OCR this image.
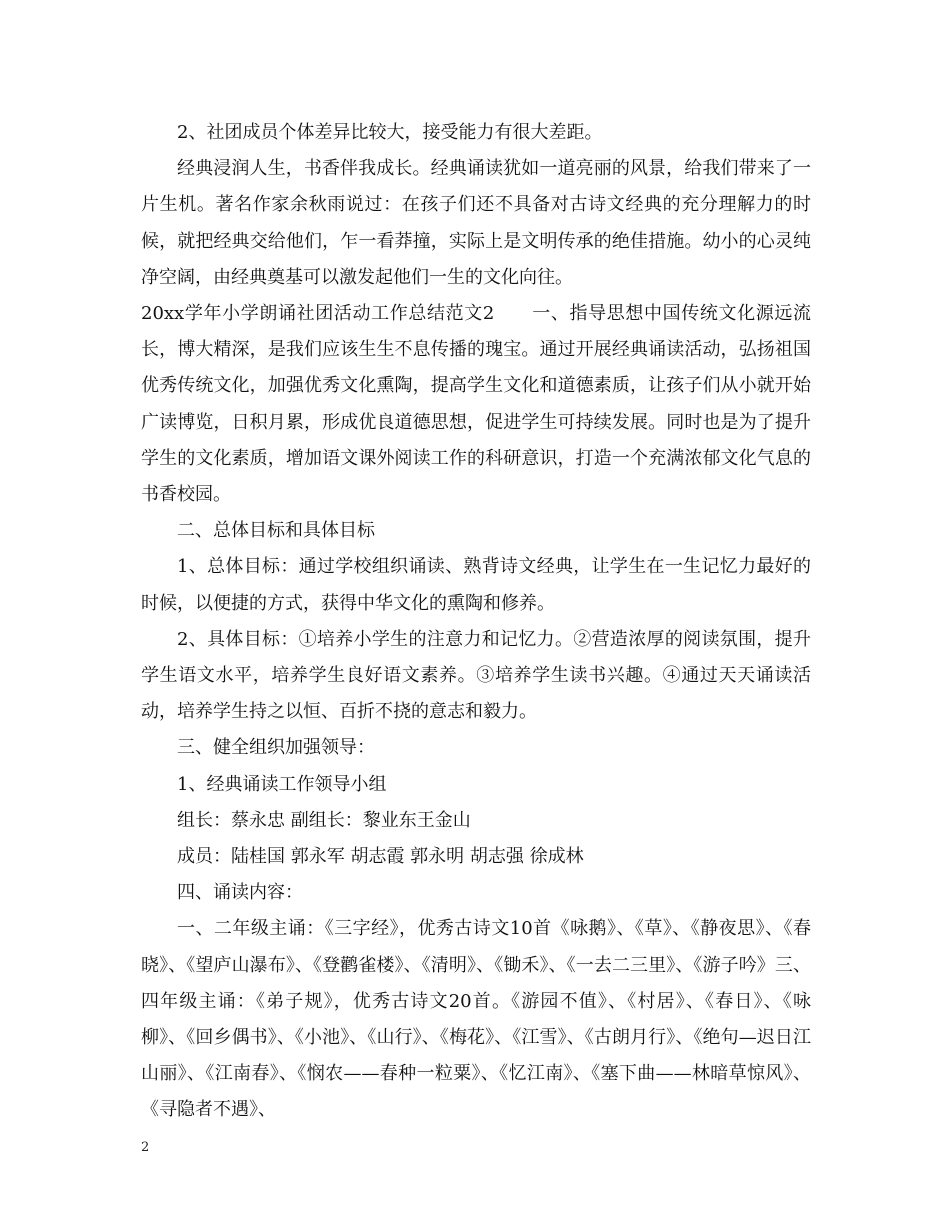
2、社团成员个体差异比较大，接受能力有很大差距。

经典浸润人生，书香伴我成长。经典诵读犹如一道亮丽的风景，给我们带来了一片生机。著名作家余秋雨说过：在孩子们还不具备对古诗文经典的充分理解力的时候，就把经典交给他们，乍一看莽撞，实际上是文明传承的绝佳措施。幼小的心灵纯净空阔，由经典奠基可以激发起他们一生的文化向往。

20xx学年小学朗诵社团活动工作总结范文2　　一、指导思想中国传统文化源远流长，博大精深，是我们应该生生不息传播的瑰宝。通过开展经典诵读活动，弘扬祖国优秀传统文化，加强优秀文化熏陶，提高学生文化和道德素质，让孩子们从小就开始广读博览，日积月累，形成优良道德思想，促进学生可持续发展。同时也是为了提升学生的文化素质，增加语文课外阅读工作的科研意识，打造一个充满浓郁文化气息的书香校园。

二、总体目标和具体目标

1、总体目标：通过学校组织诵读、熟背诗文经典，让学生在一生记忆力最好的时候，以便捷的方式，获得中华文化的熏陶和修养。

2、具体目标：①培养小学生的注意力和记忆力。②营造浓厚的阅读氛围，提升学生语文水平，培养学生良好语文素养。③培养学生读书兴趣。④通过天天诵读活动，培养学生持之以恒、百折不挠的意志和毅力。

三、健全组织加强领导：

1、经典诵读工作领导小组

组长：蔡永忠 副组长：黎业东王金山

成员：陆桂国 郭永军 胡志霞 郭永明 胡志强 徐成林

四、诵读内容：

一、二年级主诵：《三字经》，优秀古诗文10首《咏鹅》、《草》、《静夜思》、《春晓》、《望庐山瀑布》、《登鹳雀楼》、《清明》、《锄禾》、《一去二三里》、《游子吟》三、四年级主诵：《弟子规》，优秀古诗文20首。《游园不值》、《村居》、《春日》、《咏柳》、《回乡偶书》、《小池》、《山行》、《梅花》、《江雪》、《古朗月行》、《绝句—迟日江山丽》、《江南春》、《悯农——春种一粒粟》、《忆江南》、《塞下曲——林暗草惊风》、《寻隐者不遇》、

2
